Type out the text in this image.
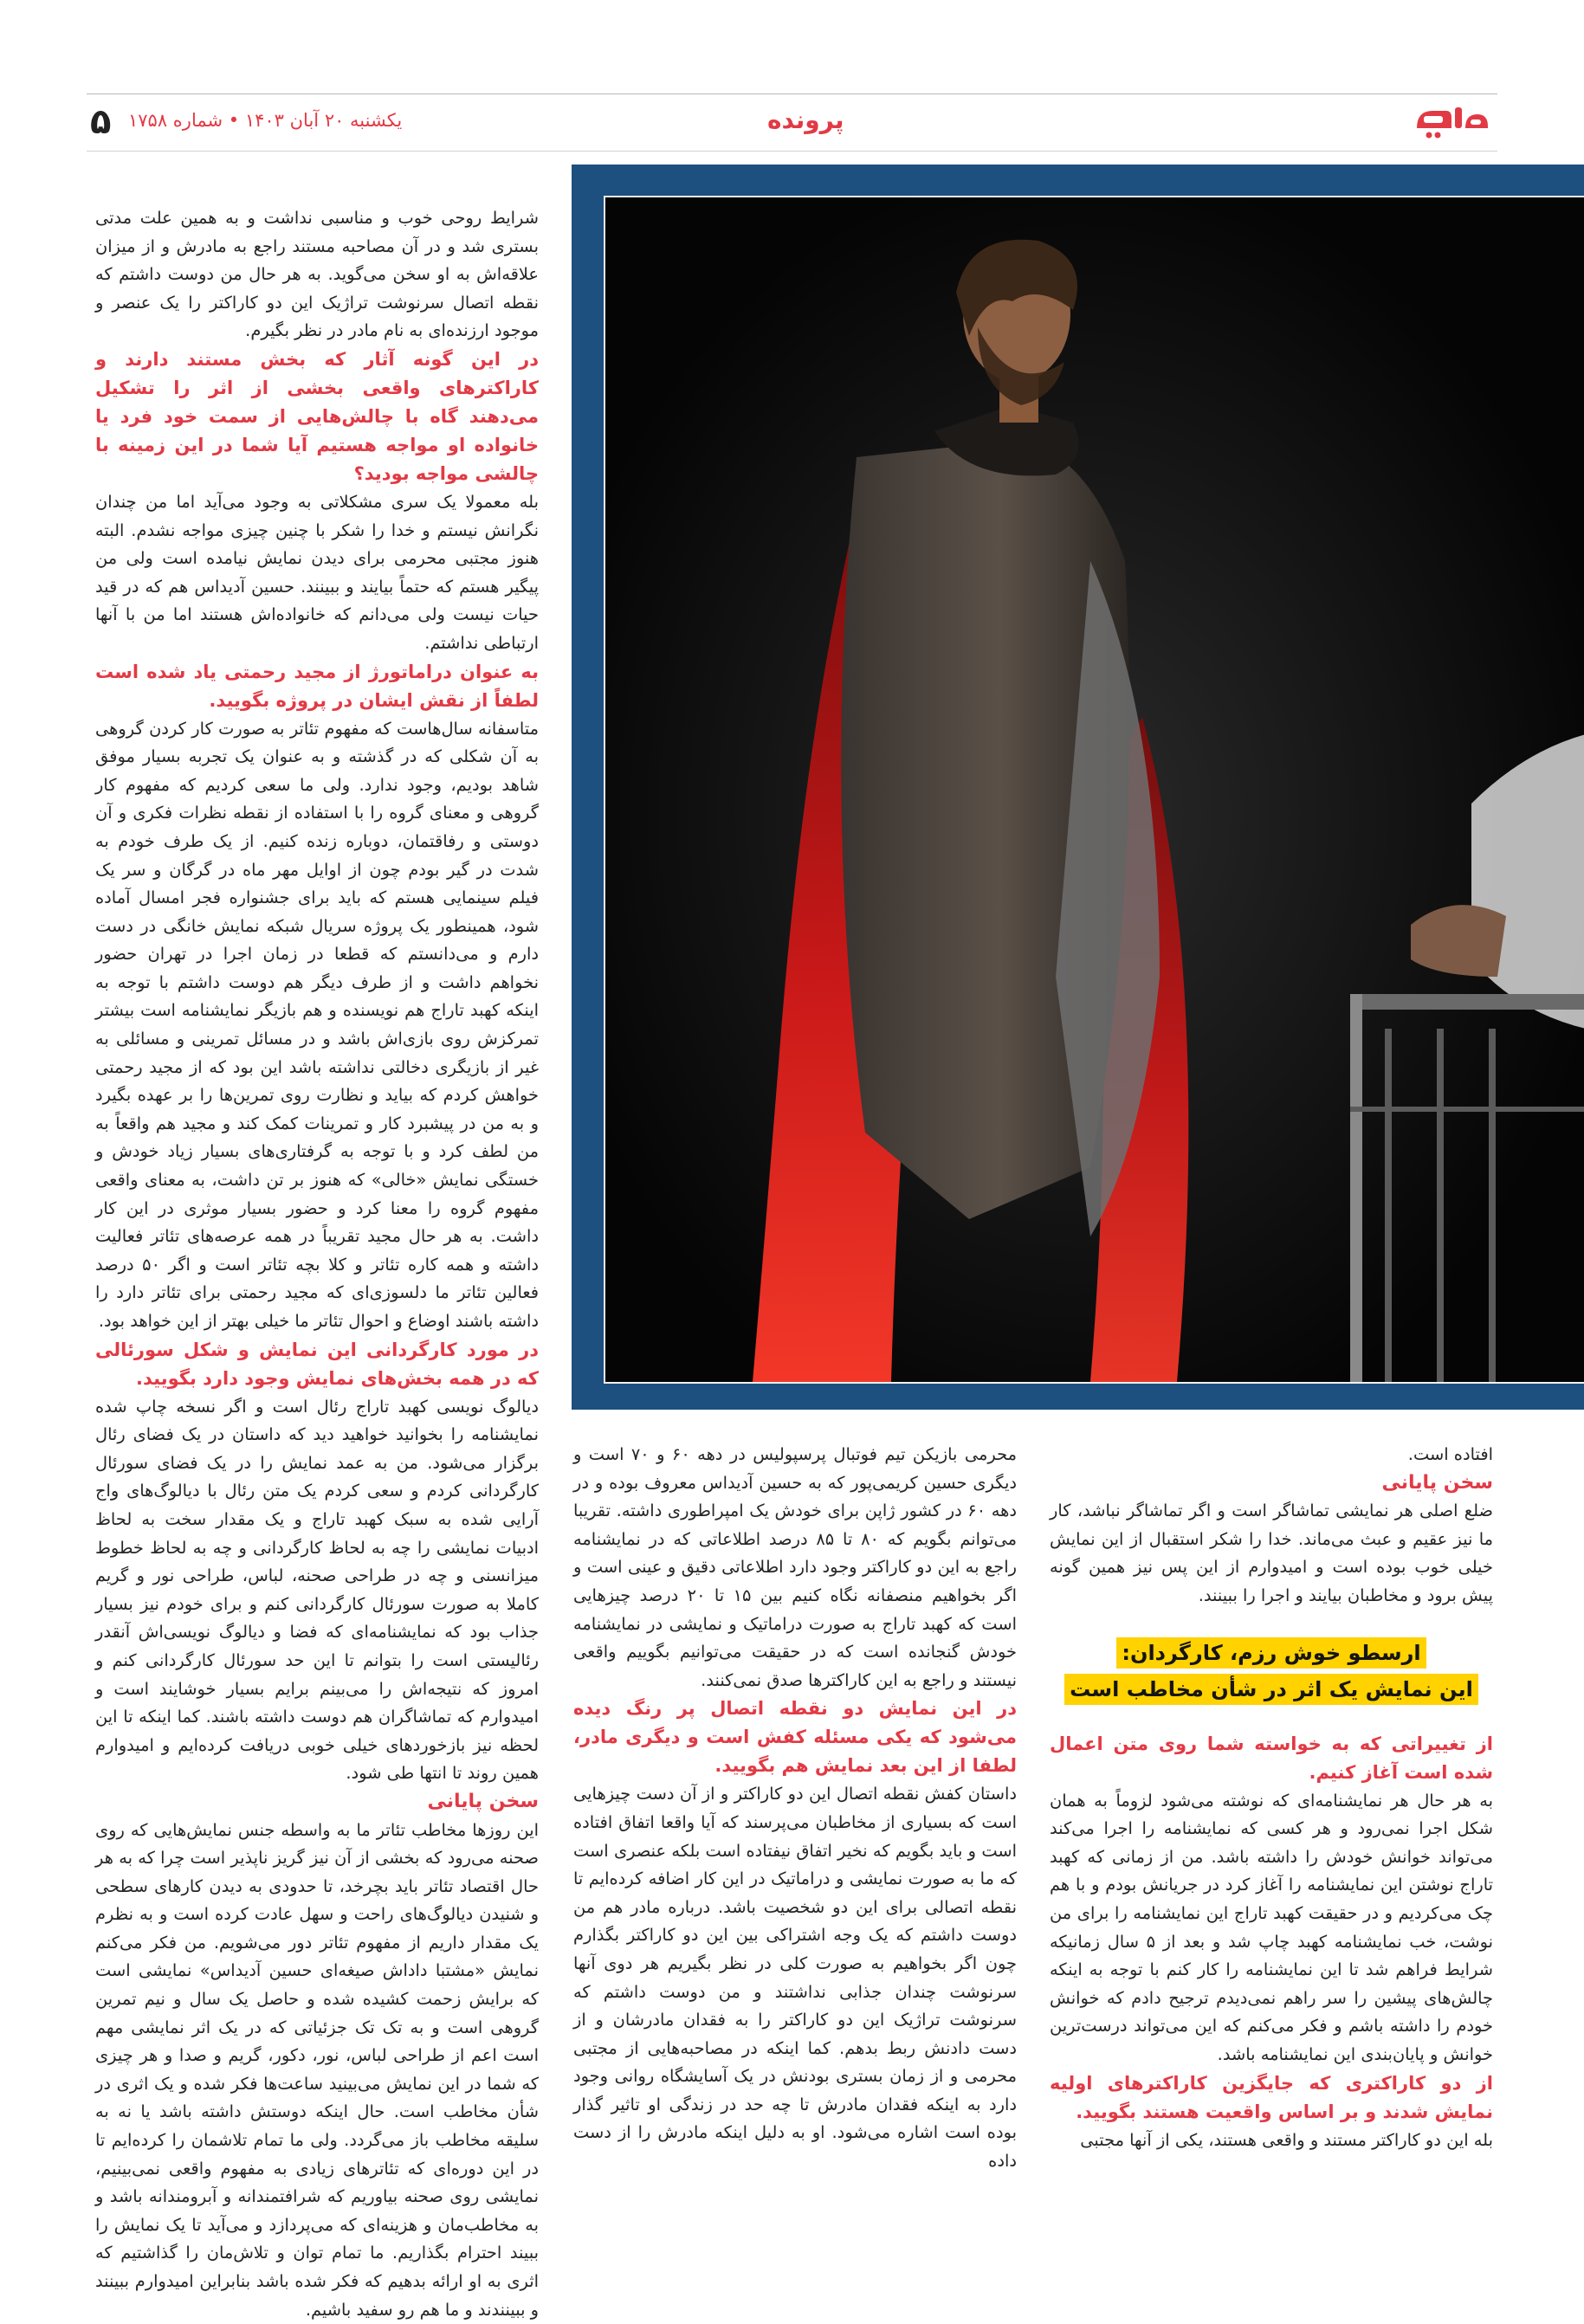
۵ یکشنبه ۲۰ آبان ۱۴۰۳ • شماره ۱۷۵۸	پرونده

شرایط روحی خوب و مناسبی نداشت و به همین علت مدتی بستری شد و در آن مصاحبه مستند راجع به مادرش و از میزان علاقه‌اش به او سخن می‌گوید. به هر حال من دوست داشتم که نقطه اتصال سرنوشت تراژیک این دو کاراکتر را یک عنصر و موجود ارزنده‌ای به نام مادر در نظر بگیرم.

در این گونه آثار که بخش مستند دارند و کاراکترهای واقعی بخشی از اثر را تشکیل می‌دهند گاه با چالش‌هایی از سمت خود فرد یا خانواده او مواجه هستیم آیا شما در این زمینه با چالشی مواجه بودید؟

بله معمولا یک سری مشکلاتی به وجود می‌آید اما من چندان نگرانش نیستم و خدا را شکر با چنین چیزی مواجه نشدم. البته هنوز مجتبی محرمی برای دیدن نمایش نیامده است ولی من پیگیر هستم که حتماً بیایند و ببینند. حسین آدیداس هم که در قید حیات نیست ولی می‌دانم که خانواده‌اش هستند اما من با آنها ارتباطی نداشتم.

به عنوان دراماتورژ از مجید رحمتی یاد شده است لطفاً از نقش ایشان در پروژه بگویید.

متاسفانه سال‌هاست که مفهوم تئاتر به صورت کار کردن گروهی به آن شکلی که در گذشته و به عنوان یک تجربه بسیار موفق شاهد بودیم، وجود ندارد. ولی ما سعی کردیم که مفهوم کار گروهی و معنای گروه را با استفاده از نقطه نظرات فکری و آن دوستی و رفاقتمان، دوباره زنده کنیم. از یک طرف خودم به شدت در گیر بودم چون از اوایل مهر ماه در گرگان و سر یک فیلم سینمایی هستم که باید برای جشنواره فجر امسال آماده شود، همینطور یک پروژه سریال شبکه نمایش خانگی در دست دارم و می‌دانستم که قطعا در زمان اجرا در تهران حضور نخواهم داشت و از طرف دیگر هم دوست داشتم با توجه به اینکه کهبد تاراج هم نویسنده و هم بازیگر نمایشنامه است بیشتر تمرکزش روی بازی‌اش باشد و در مسائل تمرینی و مسائلی به غیر از بازیگری دخالتی نداشته باشد این بود که از مجید رحمتی خواهش کردم که بیاید و نظارت روی تمرین‌ها را بر عهده بگیرد و به من در پیشبرد کار و تمرینات کمک کند و مجید هم واقعاً به من لطف کرد و با توجه به گرفتاری‌های بسیار زیاد خودش و خستگی نمایش «خالی» که هنوز بر تن داشت، به معنای واقعی مفهوم گروه را معنا کرد و حضور بسیار موثری در این کار داشت. به هر حال مجید تقریباً در همه عرصه‌های تئاتر فعالیت داشته و همه کاره تئاتر و کلا بچه تئاتر است و اگر ۵۰ درصد فعالین تئاتر ما دلسوزی‌ای که مجید رحمتی برای تئاتر دارد را داشته باشند اوضاع و احوال تئاتر ما خیلی بهتر از این خواهد بود.

در مورد کارگردانی این نمایش و شکل سورئالی که در همه بخش‌های نمایش وجود دارد بگویید.

دیالوگ نویسی کهبد تاراج رئال است و اگر نسخه چاپ شده نمایشنامه را بخوانید خواهید دید که داستان در یک فضای رئال برگزار می‌شود. من به عمد نمایش را در یک فضای سورئال کارگردانی کردم و سعی کردم یک متن رئال با دیالوگ‌های واج آرایی شده به سبک کهبد تاراج و یک مقدار سخت به لحاظ ادبیات نمایشی را چه به لحاظ کارگردانی و چه به لحاظ خطوط میزانسنی و چه در طراحی صحنه، لباس، طراحی نور و گریم کاملا به صورت سورئال کارگردانی کنم و برای خودم نیز بسیار جذاب بود که نمایشنامه‌ای که فضا و دیالوگ نویسی‌اش آنقدر رئالیستی است را بتوانم تا این حد سورئال کارگردانی کنم و امروز که نتیجه‌اش را می‌بینم برایم بسیار خوشایند است و امیدوارم که تماشاگران هم دوست داشته باشند. کما اینکه تا این لحظه نیز بازخوردهای خیلی خوبی دریافت کرده‌ایم و امیدوارم همین روند تا انتها طی شود.

سخن پایانی

این روزها مخاطب تئاتر ما به واسطه جنس نمایش‌هایی که روی صحنه می‌رود که بخشی از آن نیز گریز ناپذیر است چرا که به هر حال اقتصاد تئاتر باید بچرخد، تا حدودی به دیدن کارهای سطحی و شنیدن دیالوگ‌های راحت و سهل عادت کرده است و به نظرم یک مقدار داریم از مفهوم تئاتر دور می‌شویم. من فکر می‌کنم نمایش «مشتبا داداش صیغه‌ای حسین آدیداس» نمایشی است که برایش زحمت کشیده شده و حاصل یک سال و نیم تمرین گروهی است و به تک تک جزئیاتی که در یک اثر نمایشی مهم است اعم از طراحی لباس، نور، دکور، گریم و صدا و هر چیزی که شما در این نمایش می‌بینید ساعت‌ها فکر شده و یک اثری در شأن مخاطب است. حال اینکه دوستش داشته باشد یا نه به سلیقه مخاطب باز می‌گردد. ولی ما تمام تلاشمان را کرده‌ایم تا در این دوره‌ای که تئاترهای زیادی به مفهوم واقعی نمی‌بینیم، نمایشی روی صحنه بیاوریم که شرافتمندانه و آبرومندانه باشد و به مخاطب‌مان و هزینه‌ای که می‌پردازد و می‌آید تا یک نمایش را ببیند احترام بگذاریم. ما تمام توان و تلاش‌مان را گذاشتیم که اثری به او ارائه بدهیم که فکر شده باشد بنابراین امیدوارم ببینند و ببینندند و ما هم رو سفید باشیم.

محرمی بازیکن تیم فوتبال پرسپولیس در دهه ۶۰ و ۷۰ است و دیگری حسین کریمی‌پور که به حسین آدیداس معروف بوده و در دهه ۶۰ در کشور ژاپن برای خودش یک امپراطوری داشته. تقریبا می‌توانم بگویم که ۸۰ تا ۸۵ درصد اطلاعاتی که در نمایشنامه راجع به این دو کاراکتر وجود دارد اطلاعاتی دقیق و عینی است و اگر بخواهیم منصفانه نگاه کنیم بین ۱۵ تا ۲۰ درصد چیزهایی است که کهبد تاراج به صورت دراماتیک و نمایشی در نمایشنامه خودش گنجانده است که در حقیقت می‌توانیم بگوییم واقعی نیستند و راجع به این کاراکترها صدق نمی‌کنند.

در این نمایش دو نقطه اتصال پر رنگ دیده می‌شود که یکی مسئله کفش است و دیگری مادر، لطفا از این بعد نمایش هم بگویید.

داستان کفش نقطه اتصال این دو کاراکتر و از آن دست چیزهایی است که بسیاری از مخاطبان می‌پرسند که آیا واقعا اتفاق افتاده است و باید بگویم که نخیر اتفاق نیفتاده است بلکه عنصری است که ما به صورت نمایشی و دراماتیک در این کار اضافه کرده‌ایم تا نقطه اتصالی برای این دو شخصیت باشد. درباره مادر هم من دوست داشتم که یک وجه اشتراکی بین این دو کاراکتر بگذارم چون اگر بخواهیم به صورت کلی در نظر بگیریم هر دوی آنها سرنوشت چندان جذابی نداشتند و من دوست داشتم که سرنوشت تراژیک این دو کاراکتر را به فقدان مادرشان و از دست دادنش ربط بدهم. کما اینکه در مصاحبه‌هایی از مجتبی محرمی و از زمان بستری بودنش در یک آسایشگاه روانی وجود دارد به اینکه فقدان مادرش تا چه حد در زندگی او تاثیر گذار بوده است اشاره می‌شود. او به دلیل اینکه مادرش را از دست داده

افتاده است.

سخن پایانی

ضلع اصلی هر نمایشی تماشاگر است و اگر تماشاگر نباشد، کار ما نیز عقیم و عبث می‌ماند. خدا را شکر استقبال از این نمایش خیلی خوب بوده است و امیدوارم از این پس نیز همین گونه پیش برود و مخاطبان بیایند و اجرا را ببینند.

ارسطو خوش رزم، کارگردان:
این نمایش یک اثر در شأن مخاطب است

از تغییراتی که به خواسته شما روی متن اعمال شده است آغاز کنیم.

به هر حال هر نمایشنامه‌ای که نوشته می‌شود لزوماً به همان شکل اجرا نمی‌رود و هر کسی که نمایشنامه را اجرا می‌کند می‌تواند خوانش خودش را داشته باشد. من از زمانی که کهبد تاراج نوشتن این نمایشنامه را آغاز کرد در جریانش بودم و با هم چک می‌کردیم و در حقیقت کهبد تاراج این نمایشنامه را برای من نوشت، خب نمایشنامه کهبد چاپ شد و بعد از ۵ سال زمانیکه شرایط فراهم شد تا این نمایشنامه را کار کنم با توجه به اینکه چالش‌های پیشین را سر راهم نمی‌دیدم ترجیح دادم که خوانش خودم را داشته باشم و فکر می‌کنم که این می‌تواند درست‌ترین خوانش و پایان‌بندی این نمایشنامه باشد.

از دو کاراکتری که جایگزین کاراکترهای اولیه نمایش شدند و بر اساس واقعیت هستند بگویید.

بله این دو کاراکتر مستند و واقعی هستند، یکی از آنها مجتبی
